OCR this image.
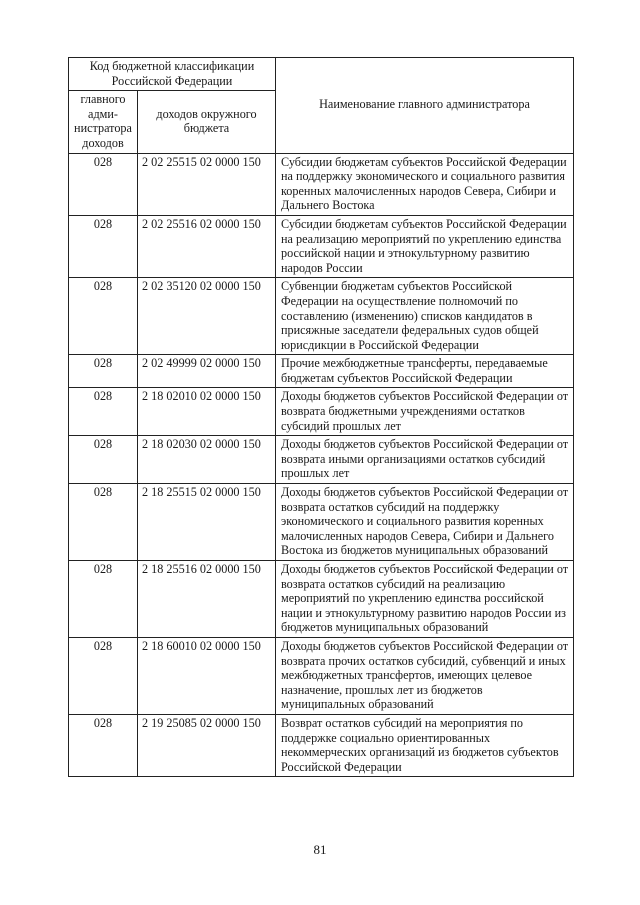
Код бюджетной классификации Российской Федерации		Наименование главного администратора
главного адми-нистратора доходов	доходов окружного бюджета	
028	2 02 25515 02 0000 150	Субсидии бюджетам субъектов Российской Федерации на поддержку экономического и социального развития коренных малочисленных народов Севера, Сибири и Дальнего Востока
028	2 02 25516 02 0000 150	Субсидии бюджетам субъектов Российской Федерации на реализацию мероприятий по укреплению единства российской нации и этнокультурному развитию народов России
028	2 02 35120 02 0000 150	Субвенции бюджетам субъектов Российской Федерации на осуществление полномочий по составлению (изменению) списков кандидатов в присяжные заседатели федеральных судов общей юрисдикции в Российской Федерации
028	2 02 49999 02 0000 150	Прочие межбюджетные трансферты, передаваемые бюджетам субъектов Российской Федерации
028	2 18 02010 02 0000 150	Доходы бюджетов субъектов Российской Федерации от возврата бюджетными учреждениями остатков субсидий прошлых лет
028	2 18 02030 02 0000 150	Доходы бюджетов субъектов Российской Федерации от возврата иными организациями остатков субсидий прошлых лет
028	2 18 25515 02 0000 150	Доходы бюджетов субъектов Российской Федерации от возврата остатков субсидий на поддержку экономического и социального развития коренных малочисленных народов Севера, Сибири и Дальнего Востока из бюджетов муниципальных образований
028	2 18 25516 02 0000 150	Доходы бюджетов субъектов Российской Федерации от возврата остатков субсидий на реализацию мероприятий по укреплению единства российской нации и этнокультурному развитию народов России из бюджетов муниципальных образований
028	2 18 60010 02 0000 150	Доходы бюджетов субъектов Российской Федерации от возврата прочих остатков субсидий, субвенций и иных межбюджетных трансфертов, имеющих целевое назначение, прошлых лет из бюджетов муниципальных образований
028	2 19 25085 02 0000 150	Возврат остатков субсидий на мероприятия по поддержке социально ориентированных некоммерческих организаций из бюджетов субъектов Российской Федерации
81
